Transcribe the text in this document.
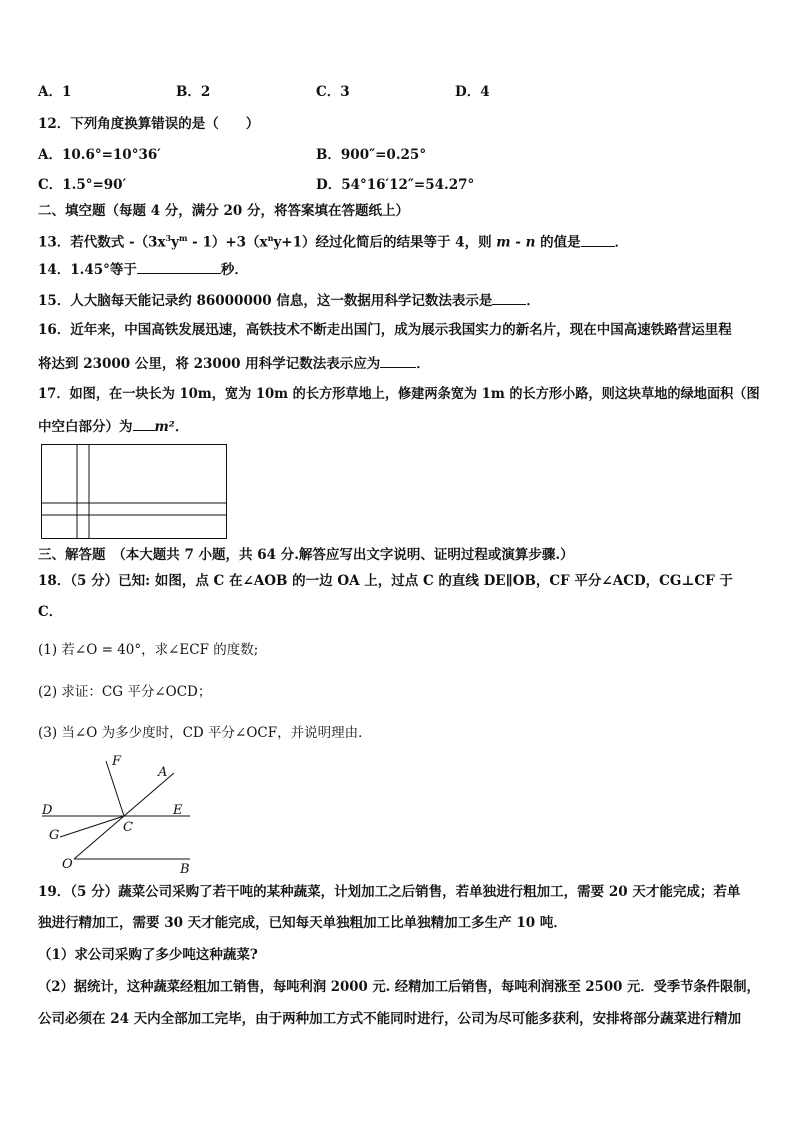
A．1	B．2	C．3	D．4
12．下列角度换算错误的是（　　）
A．10.6°=10°36′	B．900″=0.25°
C．1.5°=90′	D．54°16′12″=54.27°
二、填空题（每题 4 分，满分 20 分，将答案填在答题纸上）
13．若代数式 $-(3x^3y^m - 1)+3(x^ny+1)$经过化简后的结果等于 4，则 m - n 的值是	．
14．1.45°等于	秒．
15．人大脑每天能记录约 86000000 信息，这一数据用科学记数法表示是	．
16．近年来，中国高铁发展迅速，高铁技术不断走出国门，成为展示我国实力的新名片，现在中国高速铁路营运里程
将达到 23000 公里，将 23000 用科学记数法表示应为	．
17．如图，在一块长为 10m，宽为 10m 的长方形草地上，修建两条宽为 1m 的长方形小路，则这块草地的绿地面积（图
中空白部分）为 m²．
三、解答题　（本大题共 7 小题，共 64 分.解答应写出文字说明、证明过程或演算步骤.）
18．（5 分）已知: 如图，点 C 在∠AOB 的一边 OA 上，过点 C 的直线 DE∥OB，CF 平分∠ACD，CG⊥CF 于
C．
(1) 若∠O = 40°，求∠ECF 的度数;
(2) 求证：CG 平分∠OCD；
(3) 当∠O 为多少度时，CD 平分∠OCF，并说明理由．
F
A
D	E
G
C
O	B
19．（5 分）蔬菜公司采购了若干吨的某种蔬菜，计划加工之后销售，若单独进行粗加工，需要 20 天才能完成；若单
独进行精加工，需要 30 天才能完成，已知每天单独粗加工比单独精加工多生产 10 吨．
（1）求公司采购了多少吨这种蔬菜?
（2）据统计，这种蔬菜经粗加工销售，每吨利润 2000 元. 经精加工后销售，每吨利润涨至 2500 元．受季节条件限制，
公司必须在 24 天内全部加工完毕，由于两种加工方式不能同时进行，公司为尽可能多获利，安排将部分蔬菜进行精加
